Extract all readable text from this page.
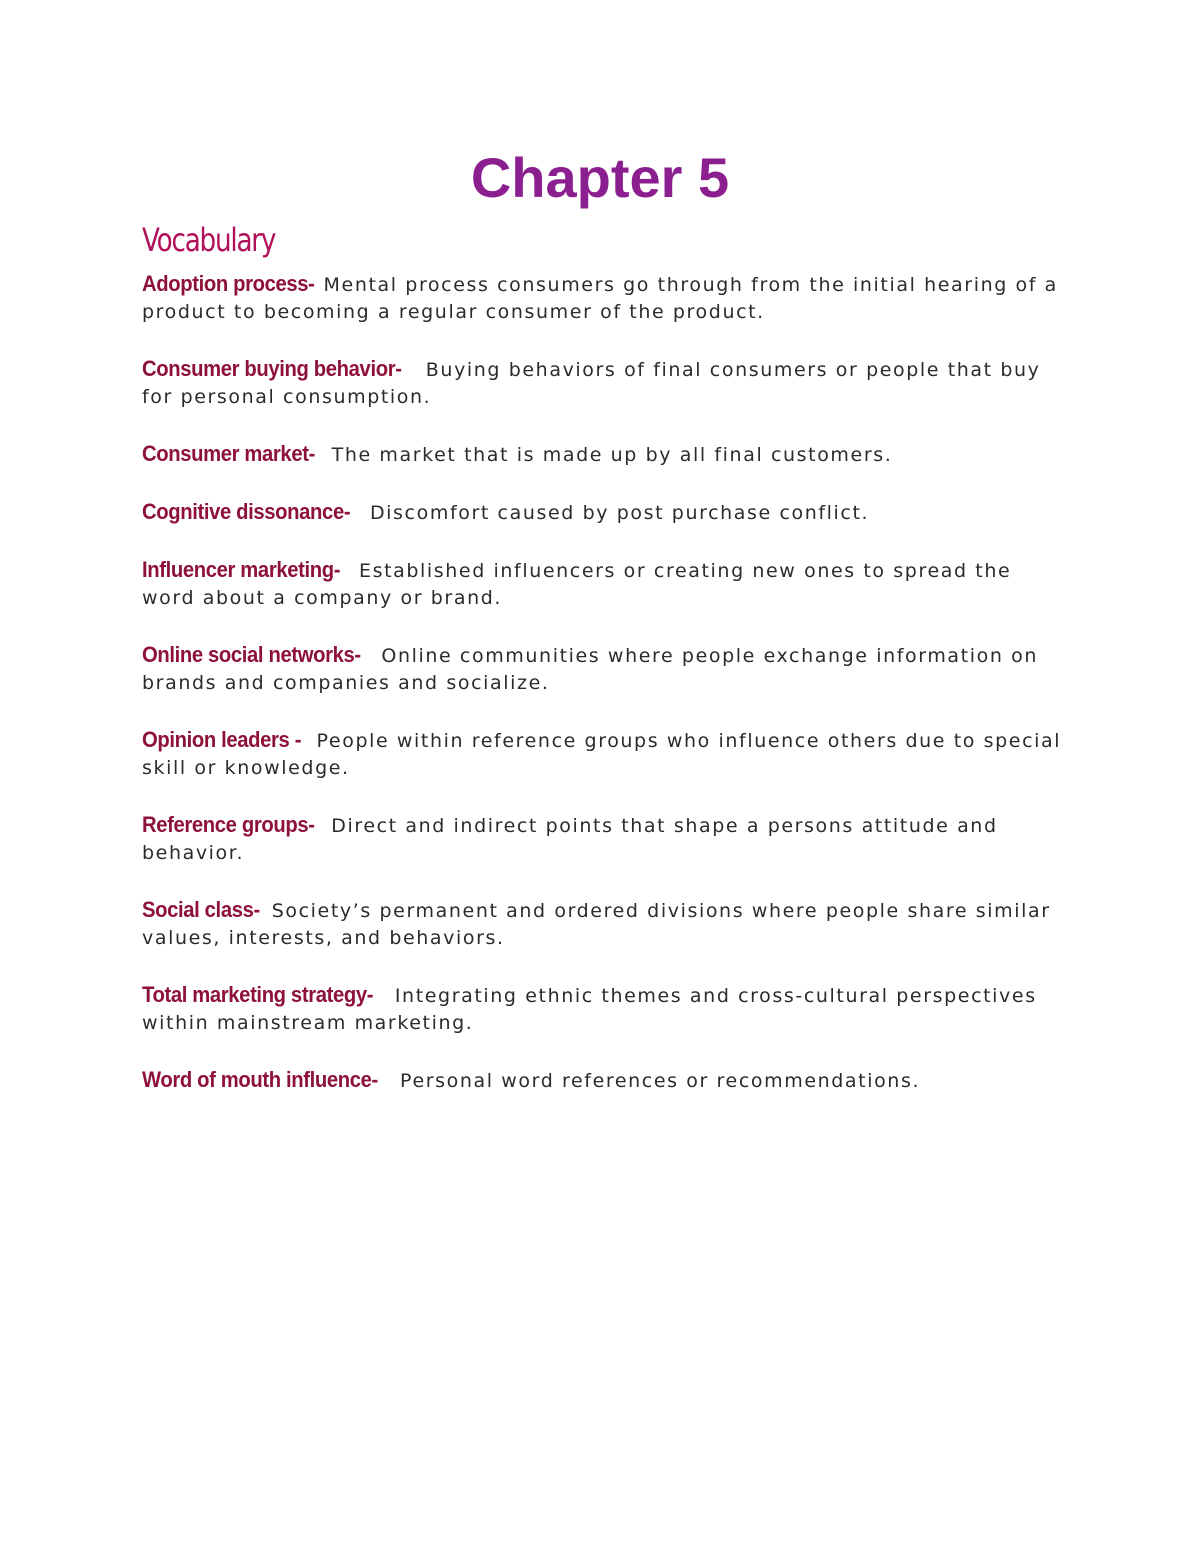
Chapter 5
Vocabulary
Adoption process- Mental process consumers go through from the initial hearing of a product to becoming a regular consumer of the product.
Consumer buying behavior- Buying behaviors of final consumers or people that buy for personal consumption.
Consumer market- The market that is made up by all final customers.
Cognitive dissonance- Discomfort caused by post purchase conflict.
Influencer marketing- Established influencers or creating new ones to spread the word about a company or brand.
Online social networks- Online communities where people exchange information on brands and companies and socialize.
Opinion leaders - People within reference groups who influence others due to special skill or knowledge.
Reference groups- Direct and indirect points that shape a persons attitude and behavior.
Social class- Society’s permanent and ordered divisions where people share similar values, interests, and behaviors.
Total marketing strategy- Integrating ethnic themes and cross-cultural perspectives within mainstream marketing.
Word of mouth influence- Personal word references or recommendations.
